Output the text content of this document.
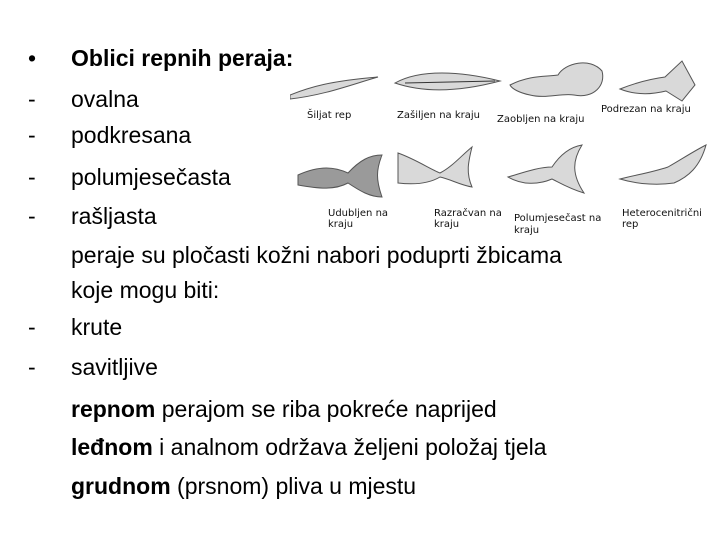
Šiljat rep	Zašiljen na kraju Zaobljen na kraju
Podrezan na kraju
Udubljen na
kraju
Razračvan na
kraju
Polumjesečast na
kraju
Heterocenitrični
rep
• Oblici repnih peraja:
- ovalna
- podkresana
- polumjesečasta
- rašljasta
peraje su pločasti kožni nabori poduprti žbicama
koje mogu biti:
- krute
- savitljive
repnom perajom se riba pokreće naprijed
leđnom i analnom održava željeni položaj tjela
grudnom (prsnom) pliva u mjestu
